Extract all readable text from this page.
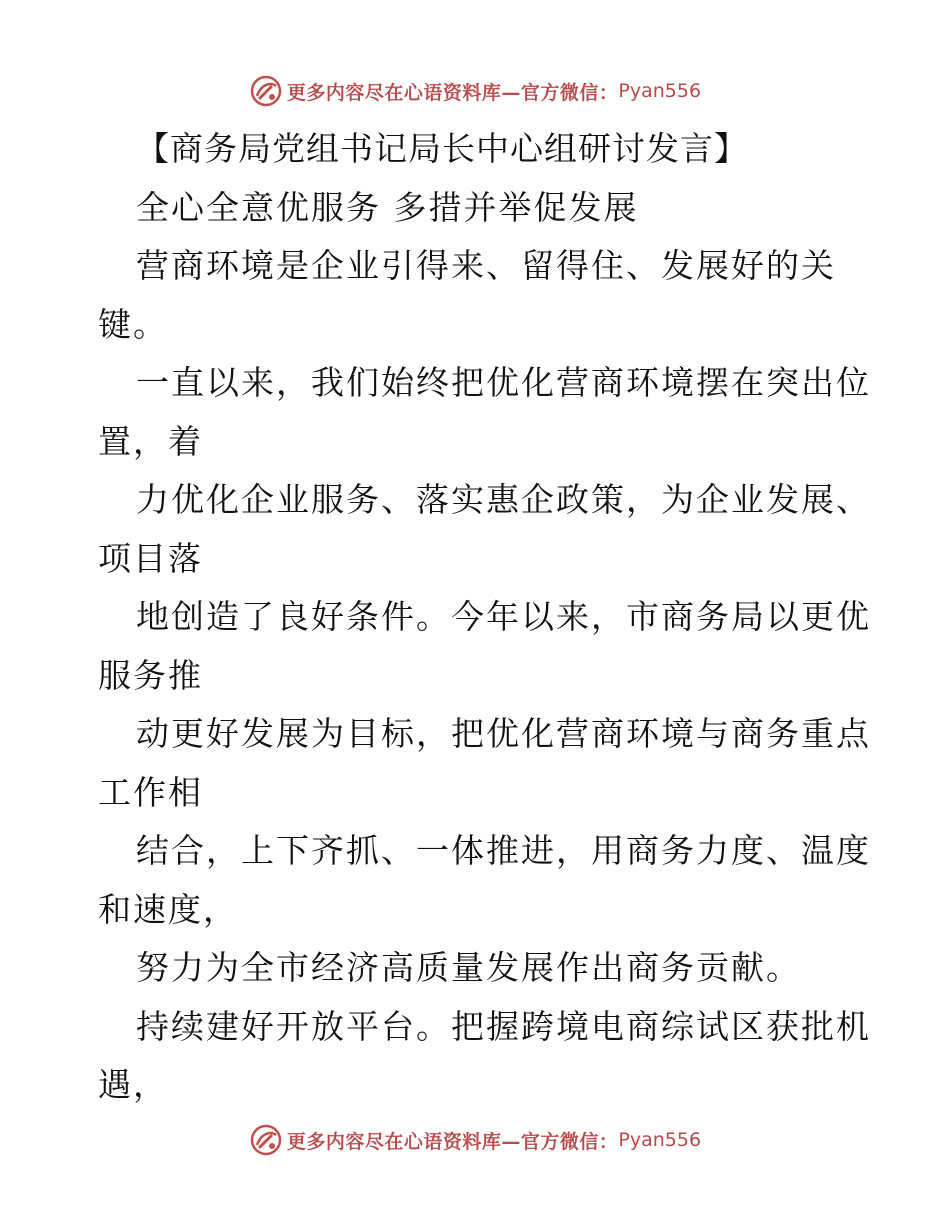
更多内容尽在心语资料库—官方微信： Pyan556
【商务局党组书记局长中心组研讨发言】
全心全意优服务 多措并举促发展
营商环境是企业引得来、留得住、发展好的关
键。
一直以来，我们始终把优化营商环境摆在突出位
置，着
力优化企业服务、落实惠企政策，为企业发展、
项目落
地创造了良好条件。今年以来，市商务局以更优
服务推
动更好发展为目标，把优化营商环境与商务重点
工作相
结合，上下齐抓、一体推进，用商务力度、温度
和速度，
努力为全市经济高质量发展作出商务贡献。
持续建好开放平台。把握跨境电商综试区获批机
遇，
更多内容尽在心语资料库—官方微信： Pyan556
